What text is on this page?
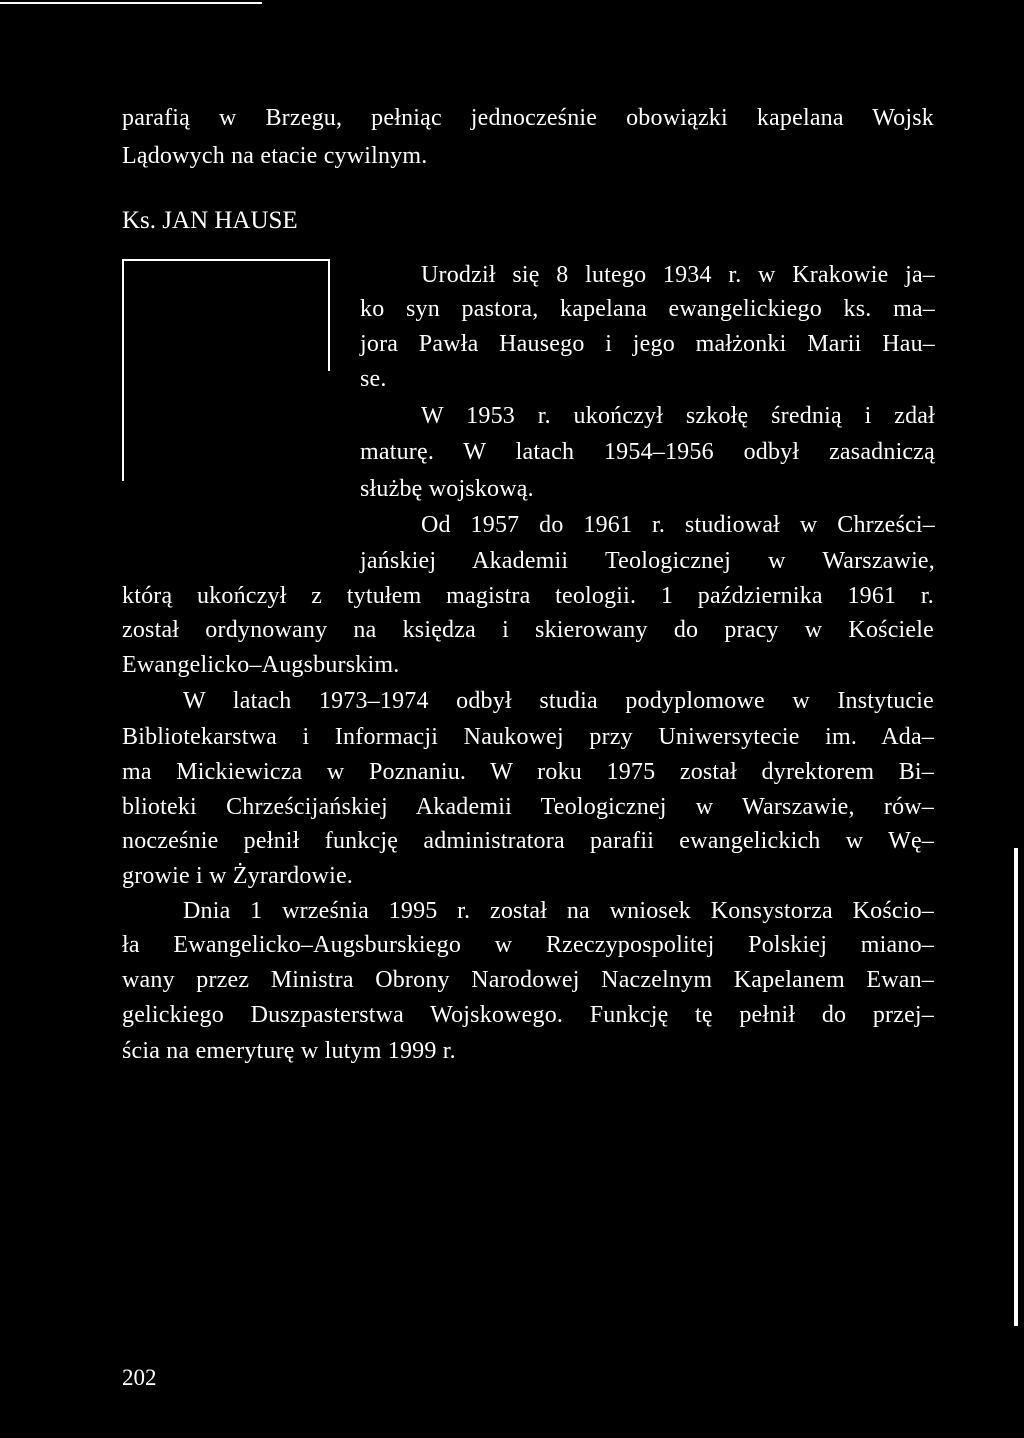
parafią w Brzegu, pełniąc jednocześnie obowiązki kapelana Wojsk
Lądowych na etacie cywilnym.
Ks. JAN HAUSE
Urodził się 8 lutego 1934 r. w Krakowie ja–
ko syn pastora, kapelana ewangelickiego ks. ma–
jora Pawła Hausego i jego małżonki Marii Hau–
se.
W 1953 r. ukończył szkołę średnią i zdał
maturę. W latach 1954–1956 odbył zasadniczą
służbę wojskową.
Od 1957 do 1961 r. studiował w Chrześci–
jańskiej Akademii Teologicznej w Warszawie,
którą ukończył z tytułem magistra teologii. 1 października 1961 r.
został ordynowany na księdza i skierowany do pracy w Kościele
Ewangelicko–Augsburskim.
W latach 1973–1974 odbył studia podyplomowe w Instytucie
Bibliotekarstwa i Informacji Naukowej przy Uniwersytecie im. Ada–
ma Mickiewicza w Poznaniu. W roku 1975 został dyrektorem Bi–
blioteki Chrześcijańskiej Akademii Teologicznej w Warszawie, rów–
nocześnie pełnił funkcję administratora parafii ewangelickich w Wę–
growie i w Żyrardowie.
Dnia 1 września 1995 r. został na wniosek Konsystorza Kościo–
ła Ewangelicko–Augsburskiego w Rzeczypospolitej Polskiej miano–
wany przez Ministra Obrony Narodowej Naczelnym Kapelanem Ewan–
gelickiego Duszpasterstwa Wojskowego. Funkcję tę pełnił do przej–
ścia na emeryturę w lutym 1999 r.
202
